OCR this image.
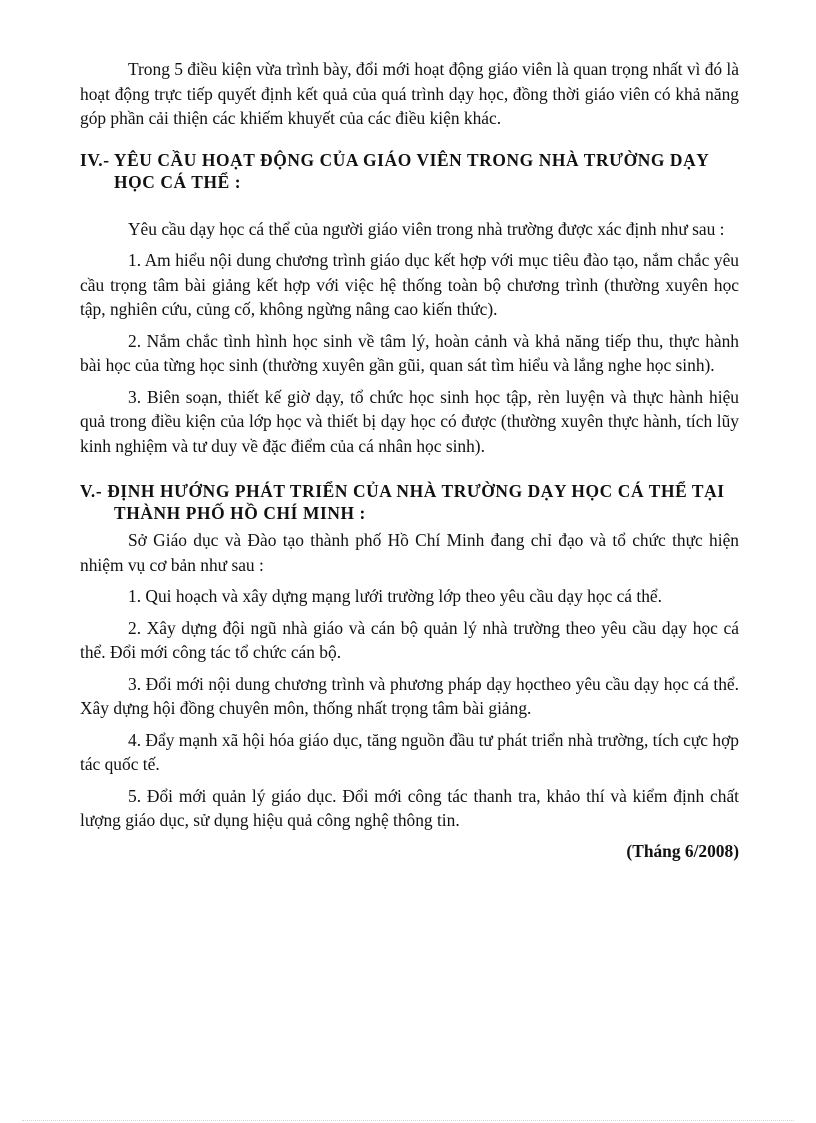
Trong 5 điều kiện vừa trình bày, đổi mới hoạt động giáo viên là quan trọng nhất vì đó là hoạt động trực tiếp quyết định kết quả của quá trình dạy học, đồng thời giáo viên có khả năng góp phần cải thiện các khiếm khuyết của các điều kiện khác.

IV.- YÊU CẦU HOẠT ĐỘNG CỦA GIÁO VIÊN TRONG NHÀ TRƯỜNG DẠY HỌC CÁ THỂ :

Yêu cầu dạy học cá thể của người giáo viên trong nhà trường được xác định như sau :

1. Am hiểu nội dung chương trình giáo dục kết hợp với mục tiêu đào tạo, nắm chắc yêu cầu trọng tâm bài giảng kết hợp với việc hệ thống toàn bộ chương trình (thường xuyên học tập, nghiên cứu, củng cố, không ngừng nâng cao kiến thức).

2. Nắm chắc tình hình học sinh về tâm lý, hoàn cảnh và khả năng tiếp thu, thực hành bài học của từng học sinh (thường xuyên gần gũi, quan sát tìm hiểu và lắng nghe học sinh).

3. Biên soạn, thiết kế giờ dạy, tổ chức học sinh học tập, rèn luyện và thực hành hiệu quả trong điều kiện của lớp học và thiết bị dạy học có được (thường xuyên thực hành, tích lũy kinh nghiệm và tư duy về đặc điểm của cá nhân học sinh).

V.- ĐỊNH HƯỚNG PHÁT TRIỂN CỦA NHÀ TRƯỜNG DẠY HỌC CÁ THỂ TẠI THÀNH PHỐ HỒ CHÍ MINH :

Sở Giáo dục và Đào tạo thành phố Hồ Chí Minh đang chỉ đạo và tổ chức thực hiện nhiệm vụ cơ bản như sau :

1. Qui hoạch và xây dựng mạng lưới trường lớp theo yêu cầu dạy học cá thể.

2. Xây dựng đội ngũ nhà giáo và cán bộ quản lý nhà trường theo yêu cầu dạy học cá thể. Đổi mới công tác tổ chức cán bộ.

3. Đổi mới nội dung chương trình và phương pháp dạy họctheo yêu cầu dạy học cá thể. Xây dựng hội đồng chuyên môn, thống nhất trọng tâm bài giảng.

4. Đẩy mạnh xã hội hóa giáo dục, tăng nguồn đầu tư phát triển nhà trường, tích cực hợp tác quốc tế.

5. Đổi mới quản lý giáo dục. Đổi mới công tác thanh tra, khảo thí và kiểm định chất lượng giáo dục, sử dụng hiệu quả công nghệ thông tin.

(Tháng 6/2008)
